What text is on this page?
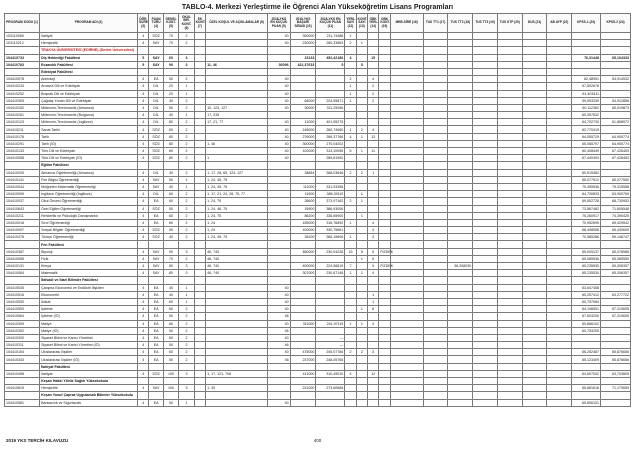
TABLO-4. Merkezi Yerleştirme ile Öğrenci Alan Yükseköğretim Lisans Programları
PROGRAM KODU (1)	PROGRAM ADI (2)	ÖĞR. SÜRE (3)	PUAN TÜRÜ (4)	GENEL KONT. (5)	OKUL BİR. KONT. (6)	EK KONT. (7)	ÖZEL KOŞUL VE AÇIKLAMALAR (8)	2018-YKS EN KÜÇÜK PUAN (9)	2018-YKS BAŞARI SIRASI (10)	2018-YKS EN KÜÇÜK PUAN (11)	YERL. SAYI (12)	KONT. SAYI (13)	OBK YERL. (14)	OBK KONT. (15)	MEB-SİRE (16)	TUS TT1 (17)	TUS TT2 (18)	TUS TT3 (19)	TUS KTP (20)	DUS (21)	AB AYP (22)	KPSS-1 (23)	KPSS-2 (24)
103110065	İlahiyat	4	SÖZ	70	2			40	300000	211,74488	1												
103110212	Hemşirelik	4	SAY	70	2			40	230000	260,33863	2	1											
	TRAKYA ÜNİVERSİTESİ (EDİRNE) (Devlet Üniversitesi)																						
104410733	Diş Hekimliği Fakültesi	5	SAY	60	3				23133	452,42180	4		15									76,31448	65,104333
104410783	Eczacılık Fakültesi	5	SAY	90	3		11, 46	36096	422,37633	5		5											
	Edebiyat Fakültesi																						
104410078	Arkeoloji	4	EA	50	2			40			2		4									62,48951	54,914532
104410234	Arnavut Dili ve Edebiyatı	4	DİL	20	1			40			1		2									57,802678	
104410252	Boşnak Dili ve Edebiyatı	4	DİL	20	1			40			1		2									61,403411	
104410305	Çağdaş Yunan Dili ve Edebiyatı	4	DİL	30	2			40	64000	224,95871	1		2									59,953339	54,912856
104410152	Mütercim-Tercümanlık (Almanca)	4	DİL	50	2		10, 123, 127	40	30000	311,29265												60,112362	65,519873
104410261	Mütercim-Tercümanlık (Bulgarca)	4	DİL	40	1		17, 235															60,057632	
104410123	Mütercim-Tercümanlık (İngilizce)	4	DİL	80	2		17, 21, 77	40	11000	401,95275												64,702730	61,868972
104410211	Sanat Tarihi	4	SÖZ	60	2			40	146000	260,74060	1	2	4									62,770419	
104410176	Tarih	4	SÖZ	80	2			40	276000	266,37766	4	1	13									64,055729	64,900774
104410291	Tarih (İÖ)	4	SÖZ	80	2		1, 46	40	300000	270,04002												65,065797	64,900774
104410133	Türk Dili ve Edebiyatı	4	SÖZ	60	2			40	102000	313,10055	5	1	11									60,408449	67,426453
104410058	Türk Dili ve Edebiyatı (İÖ)	4	SÖZ	80	2		1	40		289,81992												67,440493	67,426453
	Eğitim Fakültesi																						
104410039	Almanca Öğretmenliği (Almanca)	4	DİL	30	2		1, 17, 28, 69, 124, 127		28884	368,03846	2	2	1									60,515382	
104410141	Fen Bilgisi Öğretmenliği	4	SAY	50	1		1, 24, 45, 75															65,077512	65,077550
104410044	İlköğretim Matematik Öğretmenliği	4	SAY	40	1		1, 24, 45, 75		111000	331,93396												70,495536	75,315558
104410099	İngilizce Öğretmenliği (İngilizce)	4	DİL	60	2		1, 17, 21, 24, 28, 75, 77		11600	386,39110		1										64,700833	63,900769
104410037	Okul Öncesi Öğretmenliği	4	EA	60	2		1, 24, 75		26600	373,97162	2	1										69,502728	68,730953
104410843	Özel Eğitim Öğretmenliği	4	SÖZ	50	2		1, 24, 46, 75		15900	386,93006												73,567462	71,605548
104410211	Rehberlik ve Psikolojik Danışmanlık	4	EA	60	2		1, 24, 75		86200	336,65900		1										75,260917	74,390425
104410018	Sınıf Öğretmenliği	4	EA	60	2		1, 24		155000	316,76892	1		4									70,952695	65,429542
104410097	Sosyal Bilgiler Öğretmenliği	4	SÖZ	50	2		1, 24		100000	330,75661			4									68,408558	65,430600
104410476	Türkçe Öğretmenliği	4	SÖZ	40	2		1, 24, 45, 75		35100	366,15606	1		4									70,585286	69,148747
	Fen Fakültesi																						
104410387	Biyoloji	4	SAY	90	3		46, 740		480000	230,04228	15	5	5	FİZDEK								65,005137	65,078588
104410085	Fizik	4	SAY	70	2		46, 740					1	5									65,089536	65,089550
104410131	Kimya	4	SAY	80	3		46, 740		400000	224,56819	7		5	FİZDEK			38,208030					65,235530	65,306357
104410064	Matematik	4	SAY	80	3		46, 740		307000	230,67146	1	1	4									65,235530	65,306357
	İktisadi ve İdari Bilimler Fakültesi																						
104410535	Çalışma Ekonomisi ve Endüstri İlişkileri	4	EA	40	1			40														63,647458	
104410516	Ekonometri	4	EA	40	1			40					1									60,257412	63,277722
104410530	İktisat	4	EA	60	1			40					1									60,757084	
104410553	İşletme	4	EA	60	2			40				1	8									64,198551	67,310605
104410564	İşletme (İÖ)	4	EA	50	2			46														67,603200	67,310605
104410309	Maliye	4	EA	60	2			40	311000	241,97119	1	1	4									60,866102	
104410302	Maliye (İÖ)	4	EA	50	2			46														60,753205	
104410300	Siyaset Bilimi ve Kamu Yönetimi	4	EA	60	2			40		—													
104410311	Siyaset Bilimi ve Kamu Yönetimi (İÖ)	4	EA	50	2			46		—													
104410154	Uluslararası İlişkiler	4	EA	60	2			40	475000	245,07766	2	2	3									66,252487	65,876656
104410343	Uluslararası İlişkiler (İÖ)	4	EA	50	2			46	237000	248,05765												65,123409	65,876656
	İlahiyat Fakültesi																						
104410458	İlahiyat	4	SÖZ	100	3		1, 17, 121, 708		141000	310,45010	4		12									64,607002	63,703805
	Keşan Hakkı Yörük Sağlık Yüksekokulu																						
104410819	Hemşirelik	4	SAY	100	3		1, 39		231000	273,60688												65,881616	71,170659
	Keşan Yusuf Çapraz Uygulamalı Bilimler Yüksekokulu																						
104410581	Bankacılık ve Sigortacılık	4	EA	50	1			40														65,806151	
2019 YKS TERCİH KILAVUZU	400
